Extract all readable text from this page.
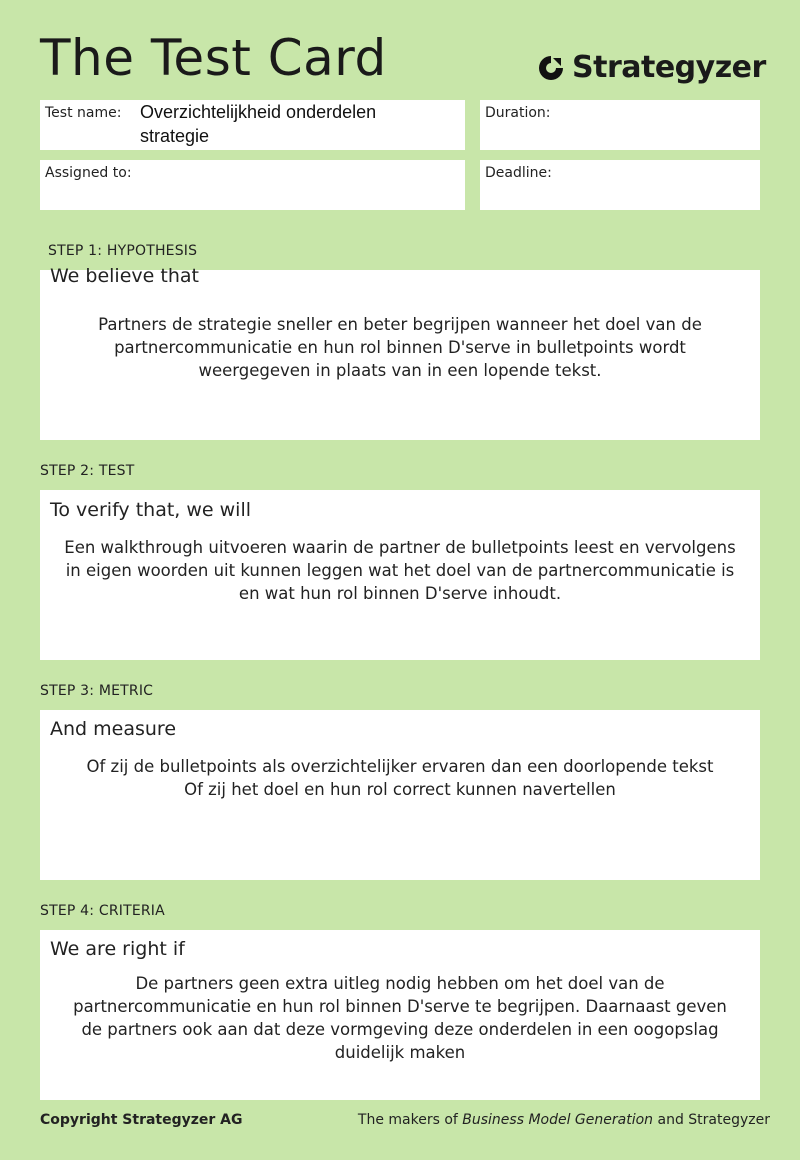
The Test Card	Strategyzer
Test name: Overzichtelijkheid onderdelen
strategie
Duration:
Assigned to:	Deadline:
STEP 1: HYPOTHESIS
We believe that
Partners de strategie sneller en beter begrijpen wanneer het doel van de
partnercommunicatie en hun rol binnen D'serve in bulletpoints wordt
weergegeven in plaats van in een lopende tekst.
STEP 2: TEST
To verify that, we will
Een walkthrough uitvoeren waarin de partner de bulletpoints leest en vervolgens
in eigen woorden uit kunnen leggen wat het doel van de partnercommunicatie is
en wat hun rol binnen D'serve inhoudt.
STEP 3: METRIC
And measure
Of zij de bulletpoints als overzichtelijker ervaren dan een doorlopende tekst
Of zij het doel en hun rol correct kunnen navertellen
STEP 4: CRITERIA
We are right if
De partners geen extra uitleg nodig hebben om het doel van de
partnercommunicatie en hun rol binnen D'serve te begrijpen. Daarnaast geven
de partners ook aan dat deze vormgeving deze onderdelen in een oogopslag
duidelijk maken
Copyright Strategyzer AG	The makers of Business Model Generation and Strategyzer
